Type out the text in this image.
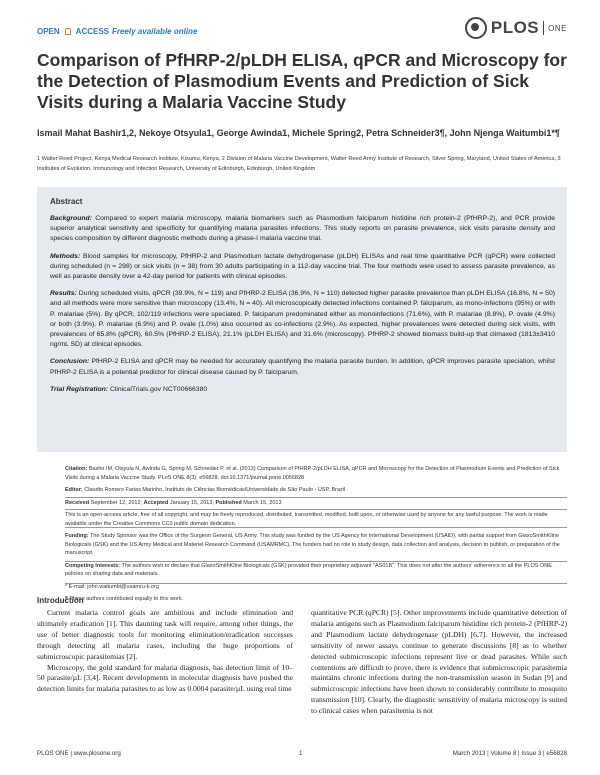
OPEN ACCESS Freely available online	PLOS ONE
Comparison of PfHRP-2/pLDH ELISA, qPCR and Microscopy for the Detection of Plasmodium Events and Prediction of Sick Visits during a Malaria Vaccine Study
Ismail Mahat Bashir1,2, Nekoye Otsyula1, George Awinda1, Michele Spring2, Petra Schneider3¶, John Njenga Waitumbi1*¶
1 Walter Reed Project, Kenya Medical Research Institute, Kisumu, Kenya, 2 Division of Malaria Vaccine Development, Walter Reed Army Institute of Research, Silver Spring, Maryland, United States of America, 3 Institutes of Evolution, Immunology and Infection Research, University of Edinburgh, Edinburgh, United Kingdom
Abstract

Background: Compared to expert malaria microscopy, malaria biomarkers such as Plasmodium falciparum histidine rich protein-2 (PfHRP-2), and PCR provide superior analytical sensitivity and specificity for quantifying malaria parasites infections. This study reports on parasite prevalence, sick visits parasite density and species composition by different diagnostic methods during a phase-I malaria vaccine trial.

Methods: Blood samples for microscopy, PfHRP-2 and Plasmodium lactate dehydrogenase (pLDH) ELISAs and real time quantitative PCR (qPCR) were collected during scheduled (n = 298) or sick visits (n = 38) from 30 adults participating in a 112-day vaccine trial. The four methods were used to assess parasite prevalence, as well as parasite density over a 42-day period for patients with clinical episodes.

Results: During scheduled visits, qPCR (39.9%, N = 119) and PfHRP-2 ELISA (36.9%, N = 110) detected higher parasite prevalence than pLDH ELISA (16.8%, N = 50) and all methods were more sensitive than microscopy (13.4%, N = 40). All microscopically detected infections contained P. falciparum, as mono-infections (95%) or with P. malariae (5%). By qPCR, 102/119 infections were speciated. P. falciparum predominated either as monoinfections (71.6%), with P. malariae (8.8%), P. ovale (4.9%) or both (3.9%). P. malariae (6.9%) and P. ovale (1.0%) also occurred as co-infections (2.9%). As expected, higher prevalences were detected during sick visits, with prevalences of 65.8% (qPCR), 60.5% (PfHRP-2 ELISA), 21.1% (pLDH ELISA) and 31.6% (microscopy). PfHRP-2 showed biomass build-up that climaxed (1813±3410 ng/mL SD) at clinical episodes.

Conclusion: PfHRP-2 ELISA and qPCR may be needed for accurately quantifying the malaria parasite burden. In addition, qPCR improves parasite speciation, whilst PfHRP-2 ELISA is a potential predictor for clinical disease caused by P. falciparum.

Trial Registration: ClinicalTrials.gov NCT00666380

Citation: Bashir IM, Otsyula N, Awinda G, Spring M, Schneider P, et al. (2013) Comparison of PfHRP-2/pLDH ELISA, qPCR and Microscopy for the Detection of Plasmodium Events and Prediction of Sick Visits during a Malaria Vaccine Study. PLoS ONE 8(3): e56828. doi:10.1371/journal.pone.0056828

Editor: Claudio Romero Farias Marinho, Instituto de Ciências Biomédicas/Universidade de São Paulo - USP, Brazil

Received September 12, 2012; Accepted January 15, 2013; Published March 15, 2013

This is an open-access article, free of all copyright, and may be freely reproduced, distributed, transmitted, modified, built upon, or otherwise used by anyone for any lawful purpose. The work is made available under the Creative Commons CC0 public domain dedication.

Funding: The Study Sponsor was the Office of the Surgeon General, US Army. This study was funded by the US Agency for International Development (USAID), with partial support from GlaxoSmithKline Biologicals (GSK) and the US Army Medical and Materiel Research Command (USAMRMC). The funders had no role in study design, data collection and analysis, decision to publish, or preparation of the manuscript.

Competing Interests: The authors wish to declare that GlaxoSmithKline Biologicals (GSK) provided their proprietary adjuvant "AS01B". This does not alter the authors' adherence to all the PLOS ONE policies on sharing data and materials.

* E-mail: john.waitumbi@usamru-k.org

¶ These authors contributed equally to this work.

Introduction

Current malaria control goals are ambitious and include elimination and ultimately eradication [1]. This daunting task will require, among other things, the use of better diagnostic tools for monitoring elimination/eradication successes through detecting all malaria cases, including the huge proportions of submicroscopic parasitemias [2].

Microscopy, the gold standard for malaria diagnosis, has detection limit of 10–50 parasite/µL [3,4]. Recent developments in molecular diagnosis have pushed the detection limits for malaria parasites to as low as 0.0004 parasite/µL using real time

quantitative PCR (qPCR) [5]. Other improvements include quantitative detection of malaria antigens such as Plasmodium falciparum histidine rich protein-2 (PfHRP-2) and Plasmodium lactate dehydrogenase (pLDH) [6,7]. However, the increased sensitivity of newer assays continue to generate discussions [8] as to whether detected submicroscopic infections represent live or dead parasites. While such contentions are difficult to prove, there is evidence that submicroscopic parasitemia maintains chronic infections during the non-transmission season in Sudan [9] and submicroscopic infections have been shown to considerably contribute to mosquito transmission [10]. Clearly, the diagnostic sensitivity of malaria microscopy is suited to clinical cases when parasitemia is not

PLOS ONE | www.plosone.org	1	March 2013 | Volume 8 | Issue 3 | e56828
